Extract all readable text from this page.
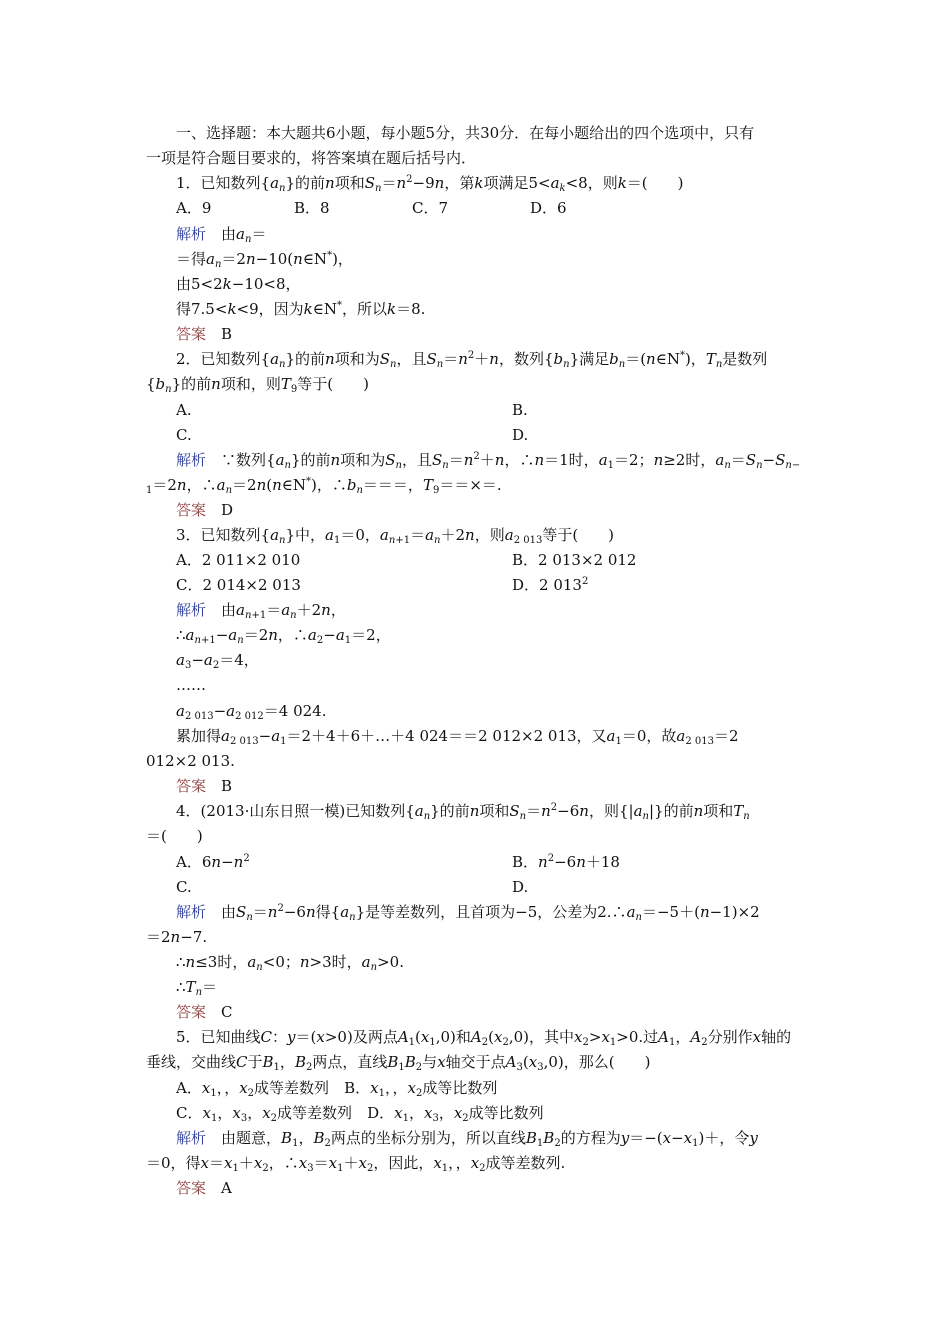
一、选择题：本大题共6小题，每小题5分，共30分．在每小题给出的四个选项中，只有
一项是符合题目要求的，将答案填在题后括号内．
1．已知数列$\{a_n\}$的前n项和$S_n=n^2-9n$，第k项满足$5<a_k<8$，则k＝(　　)
A．9	B．8	C．7	D．6
解析　 由$a_n=$
＝得$a_n=2n-10(n\in N^*)$，
由5<2k−10<8，
得7.5<k<9，因为k∈N*，所以k＝8.
答案　 B
2．已知数列$\{a_n\}$的前n项和为$S_n$，且$S_n=n^2+n$，数列$\{b_n\}$满足$b_n=(n\in N^*)$，$T_n$是数列
$\{b_n\}$的前n项和，则$T_9$等于(　　)
A.	B.
C.	D.
解析　 ∵数列$\{a_n\}$的前n项和为$S_n$，且$S_n=n^2+n$，∴n＝1时，$a_1=2$；n≥2时，$a_n=S_n-S_{n-}$
$_1$＝2n，$\therefore a_n=2n(n\in N^*)$，$\therefore b_n===$，$T_9==\times=$.
答案　 D
3．已知数列$\{a_n\}$中，$a_1=0$，$a_{n+1}=a_n+2n$，则$a_{2 013}$等于(　　)
A．2 011×2 010	B．2 013×2 012
C．2 014×2 013	D．2 $013^2$
解析　 由$a_{n+1}=a_n+2n$，
$\therefore a_{n+1}-a_n=2n$，$\therefore a_2-a_1=2$，
$a_3-a_2=4$，
……
$a_{2 013}-a_{2 012}=4$ 024.
累加得$a_{2 013}-a_1=2+4+6+\dots+4$ 024＝＝2 012×2 013，又$a_1=0$，故$a_{2 013}=2$
012×2 013.
答案　 B
4．(2013·山东日照一模)已知数列$\{a_n\}$的前n项和$S_n=n^2-6n$，则$\{|a_n|\}$的前n项和$T_n$
＝(　　)
A．$6n-n^2$	B．$n^2-6n+18$
C.	D.
解析　 由$S_n=n^2-6n$得$\{a_n\}$是等差数列，且首项为−5，公差为$2.\therefore a_n=-5+(n-1)\times 2$
＝2n−7.
∴n≤3时，$a_n<0$；n>3时，$a_n>0$.
$\therefore T_n=$
答案　 C
5．已知曲线C：y＝(x>0)及两点$A_1(x_1,0)$和$A_2(x_2,0)$，其中$x_2>x_1>0$.过$A_1$，$A_2$分别作x轴的
垂线，交曲线C于$B_1$，$B_2$两点，直线$B_1B_2$与x轴交于点$A_3(x_3,0)$，那么(　　)
A．$x_1$，，$x_2$成等差数列　 B．$x_1$，，$x_2$成等比数列
C．$x_1$，$x_3$，$x_2$成等差数列　 D．$x_1$，$x_3$，$x_2$成等比数列
解析　 由题意，$B_1$，$B_2$两点的坐标分别为，所以直线$B_1B_2$的方程为$y=-(x-x_1)+$，令y
＝0，得$x=x_1+x_2$，$\therefore x_3=x_1+x_2$，因此，$x_1$，，$x_2$成等差数列.
答案　 A
